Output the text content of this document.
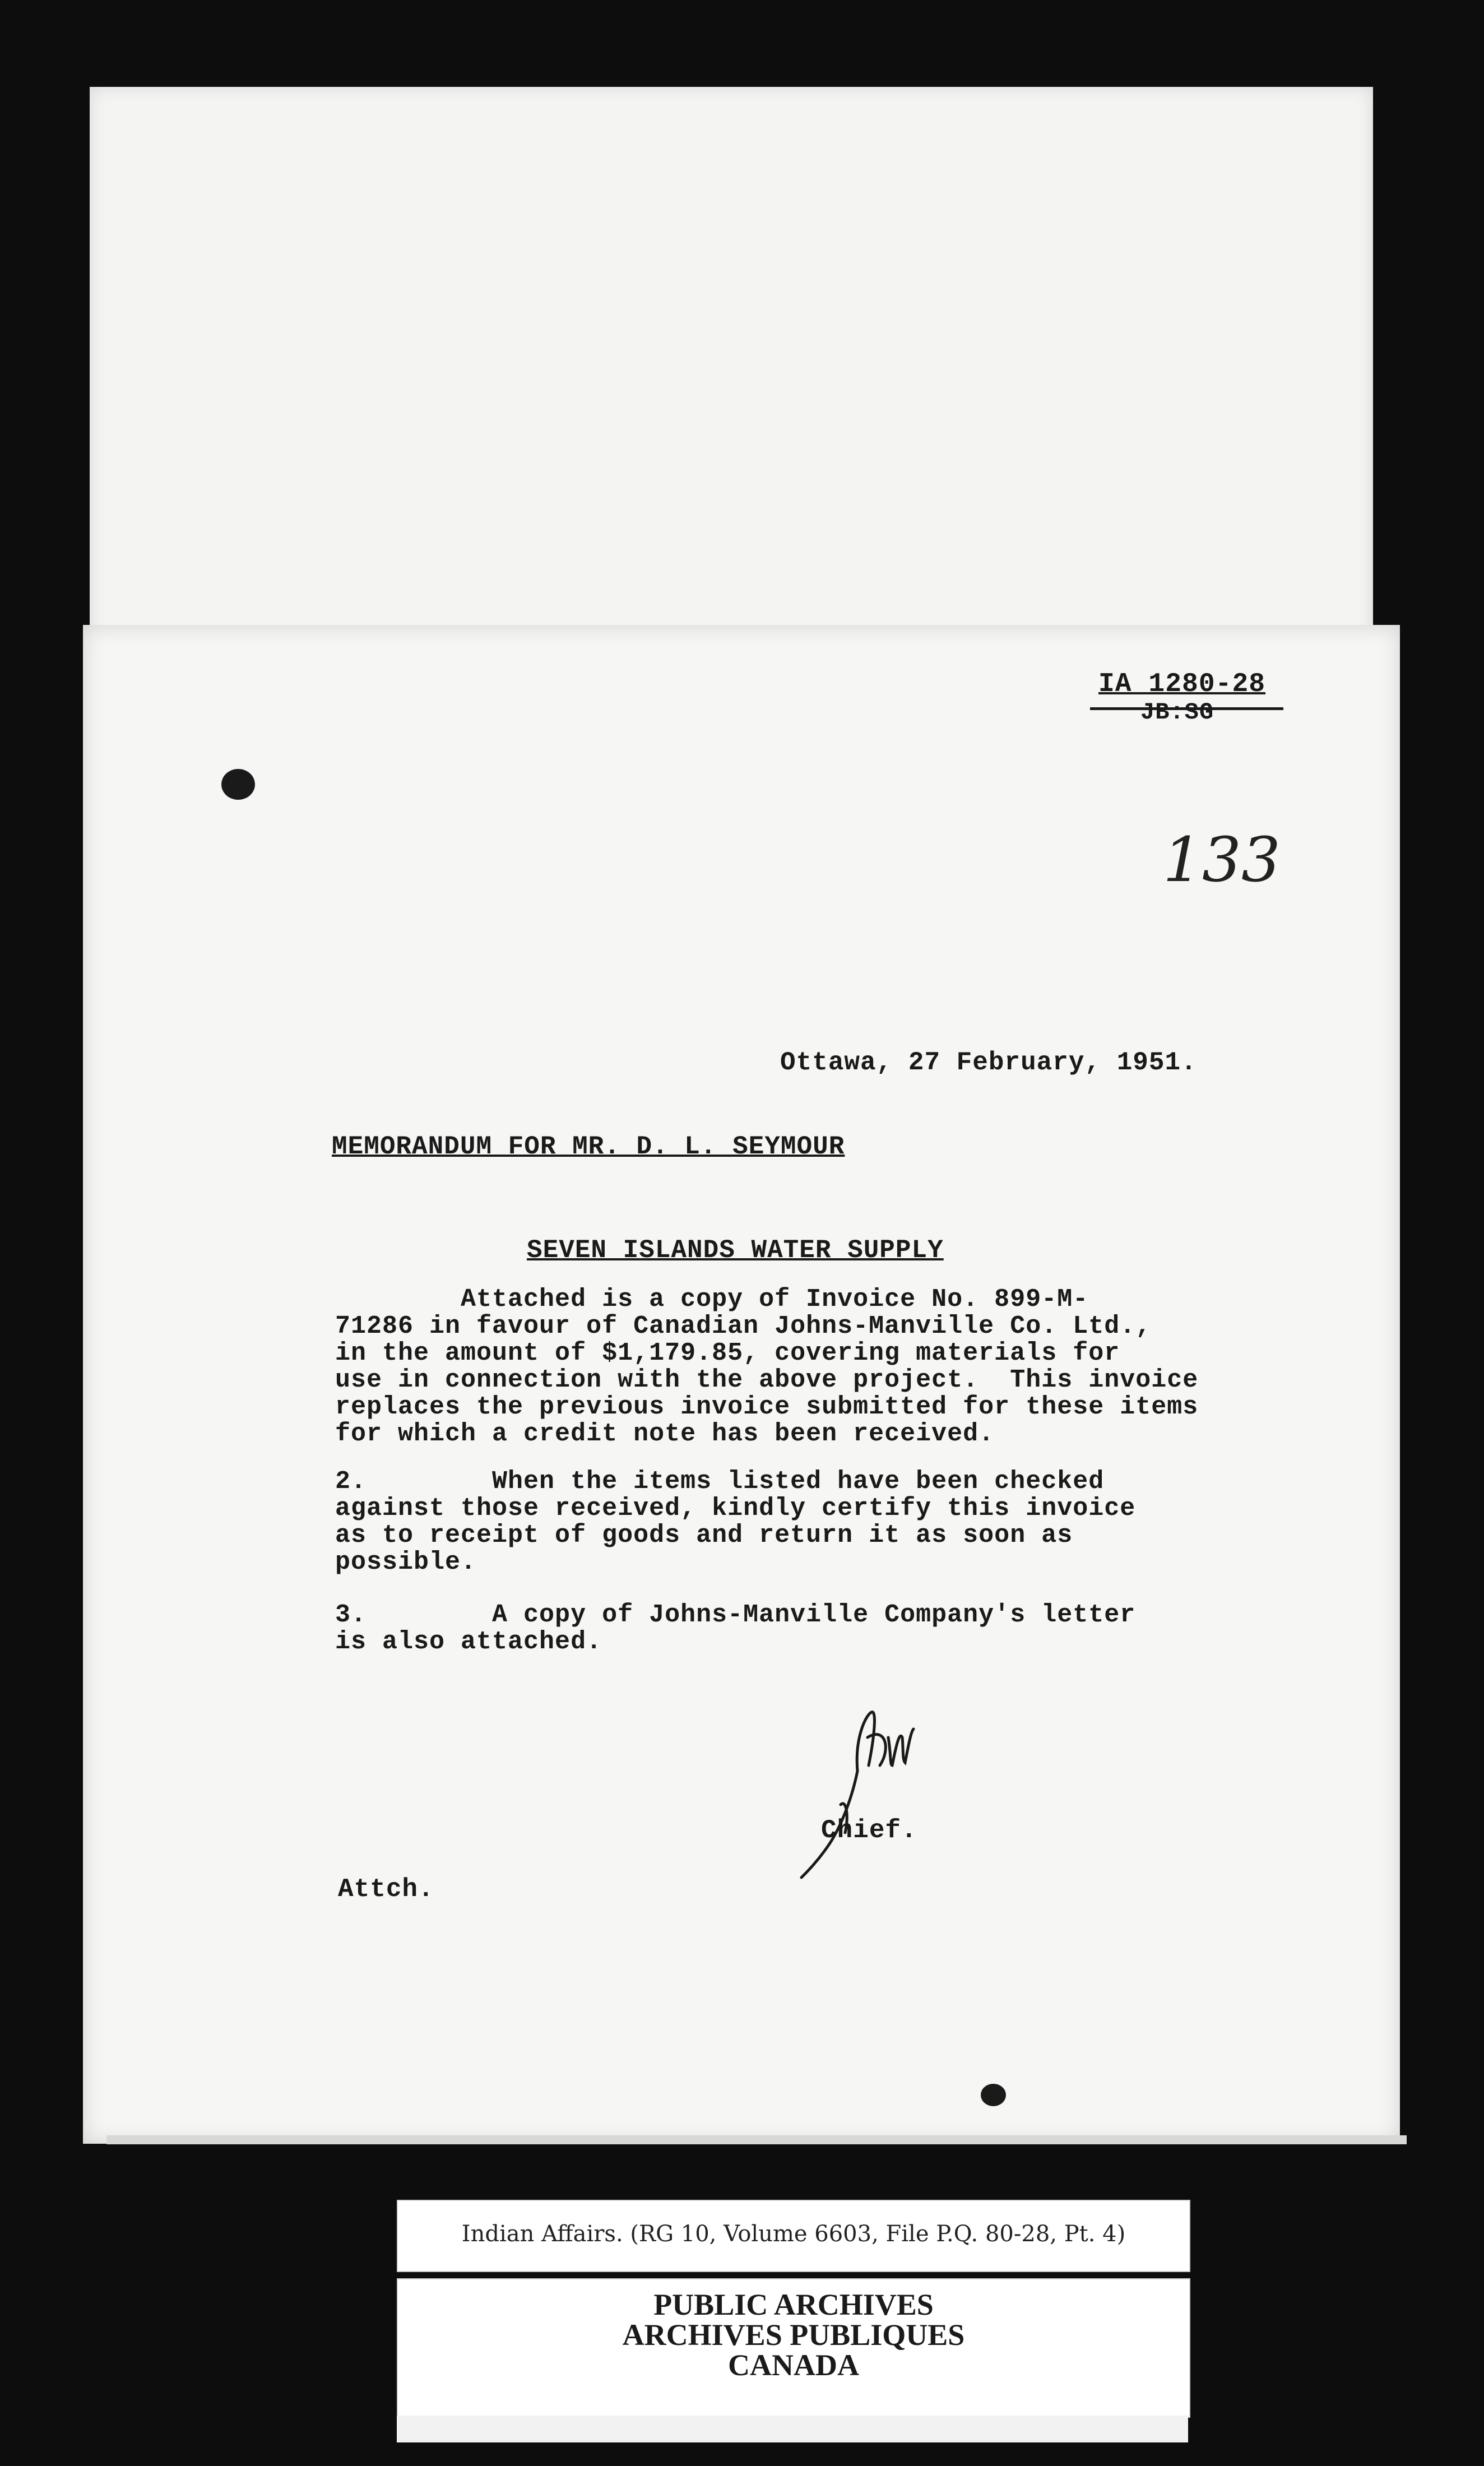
IA 1280-28
JB:SG
133
Ottawa, 27 February, 1951.
MEMORANDUM FOR MR. D. L. SEYMOUR
SEVEN ISLANDS WATER SUPPLY
Attached is a copy of Invoice No. 899-M-
71286 in favour of Canadian Johns-Manville Co. Ltd.,
in the amount of $1,179.85, covering materials for
use in connection with the above project.  This invoice
replaces the previous invoice submitted for these items
for which a credit note has been received.
2.        When the items listed have been checked
against those received, kindly certify this invoice
as to receipt of goods and return it as soon as
possible.
3.        A copy of Johns-Manville Company's letter
is also attached.
Chief.
Attch.
Indian Affairs. (RG 10, Volume 6603, File P.Q. 80-28, Pt. 4)
PUBLIC ARCHIVES
ARCHIVES PUBLIQUES
CANADA
